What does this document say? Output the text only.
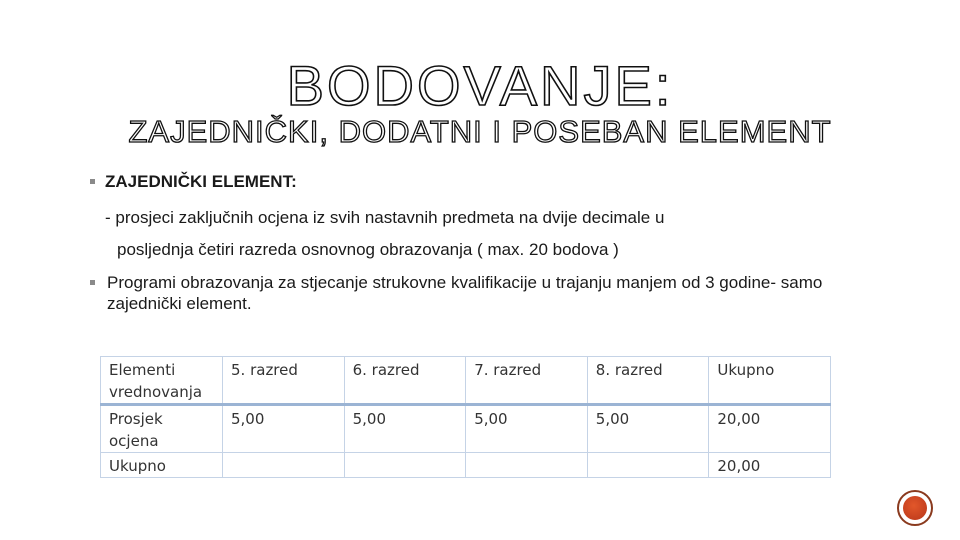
BODOVANJE:
ZAJEDNIČKI, DODATNI I POSEBAN ELEMENT
ZAJEDNIČKI ELEMENT:
- prosjeci zaključnih ocjena iz svih nastavnih predmeta na dvije decimale u
posljednja četiri razreda osnovnog obrazovanja ( max. 20 bodova )
Programi obrazovanja za stjecanje strukovne kvalifikacije u trajanju manjem od 3 godine- samo zajednički element.
Elementi vrednovanja	5. razred	6. razred	7. razred	8. razred	Ukupno
Prosjek ocjena	5,00	5,00	5,00	5,00	20,00
Ukupno					20,00
